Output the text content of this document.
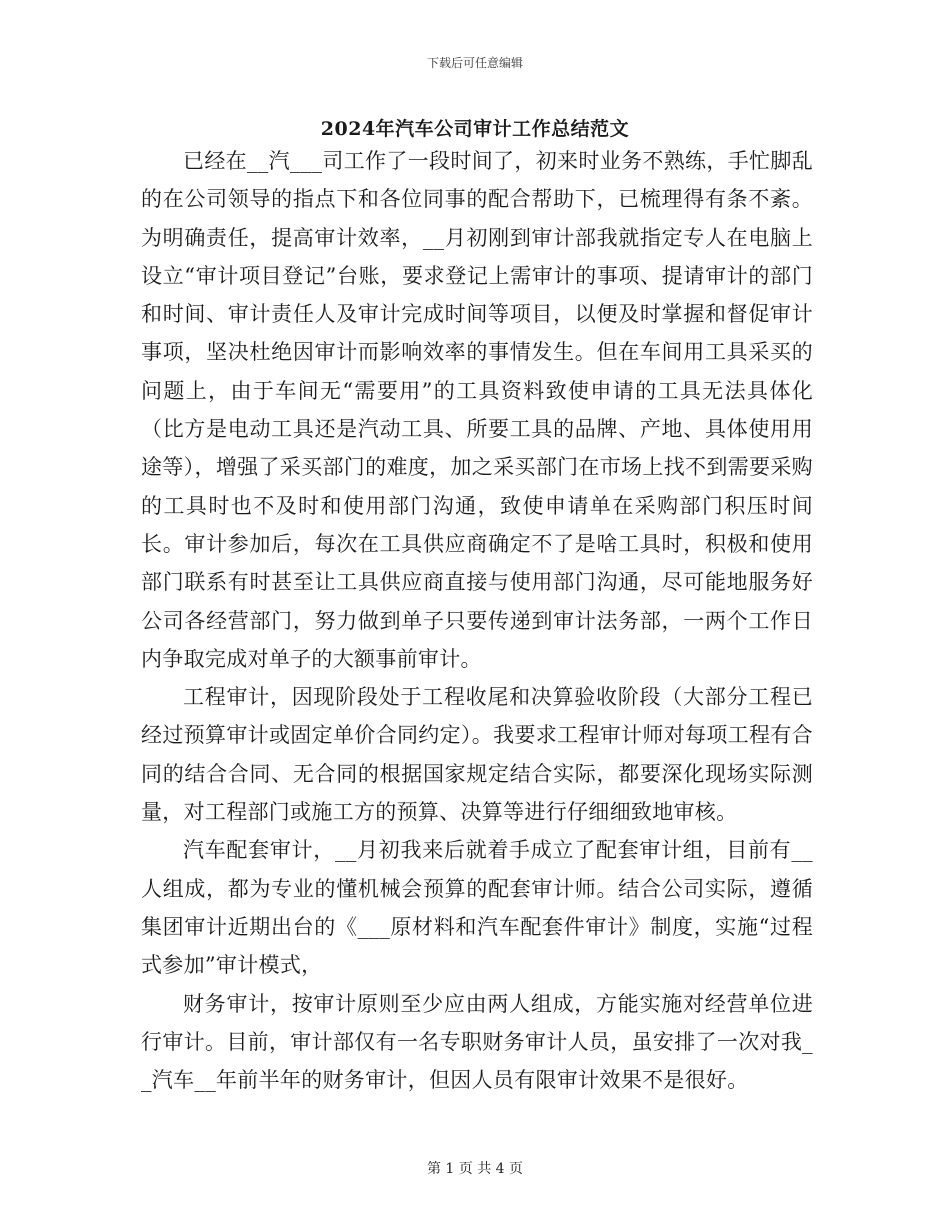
下载后可任意编辑
2024年汽车公司审计工作总结范文

已经在__汽___司工作了一段时间了，初来时业务不熟练，手忙脚乱的在公司领导的指点下和各位同事的配合帮助下，已梳理得有条不紊。为明确责任，提高审计效率，__月初刚到审计部我就指定专人在电脑上设立“审计项目登记”台账，要求登记上需审计的事项、提请审计的部门和时间、审计责任人及审计完成时间等项目，以便及时掌握和督促审计事项，坚决杜绝因审计而影响效率的事情发生。但在车间用工具采买的问题上，由于车间无“需要用”的工具资料致使申请的工具无法具体化（比方是电动工具还是汽动工具、所要工具的品牌、产地、具体使用用途等），增强了采买部门的难度，加之采买部门在市场上找不到需要采购的工具时也不及时和使用部门沟通，致使申请单在采购部门积压时间长。审计参加后，每次在工具供应商确定不了是啥工具时，积极和使用部门联系有时甚至让工具供应商直接与使用部门沟通，尽可能地服务好公司各经营部门，努力做到单子只要传递到审计法务部，一两个工作日内争取完成对单子的大额事前审计。

工程审计，因现阶段处于工程收尾和决算验收阶段（大部分工程已经过预算审计或固定单价合同约定）。我要求工程审计师对每项工程有合同的结合合同、无合同的根据国家规定结合实际，都要深化现场实际测量，对工程部门或施工方的预算、决算等进行仔细细致地审核。

汽车配套审计，__月初我来后就着手成立了配套审计组，目前有__人组成，都为专业的懂机械会预算的配套审计师。结合公司实际，遵循集团审计近期出台的《___原材料和汽车配套件审计》制度，实施“过程式参加”审计模式，

财务审计，按审计原则至少应由两人组成，方能实施对经营单位进行审计。目前，审计部仅有一名专职财务审计人员，虽安排了一次对我__汽车__年前半年的财务审计，但因人员有限审计效果不是很好。

第 1 页 共 4 页
